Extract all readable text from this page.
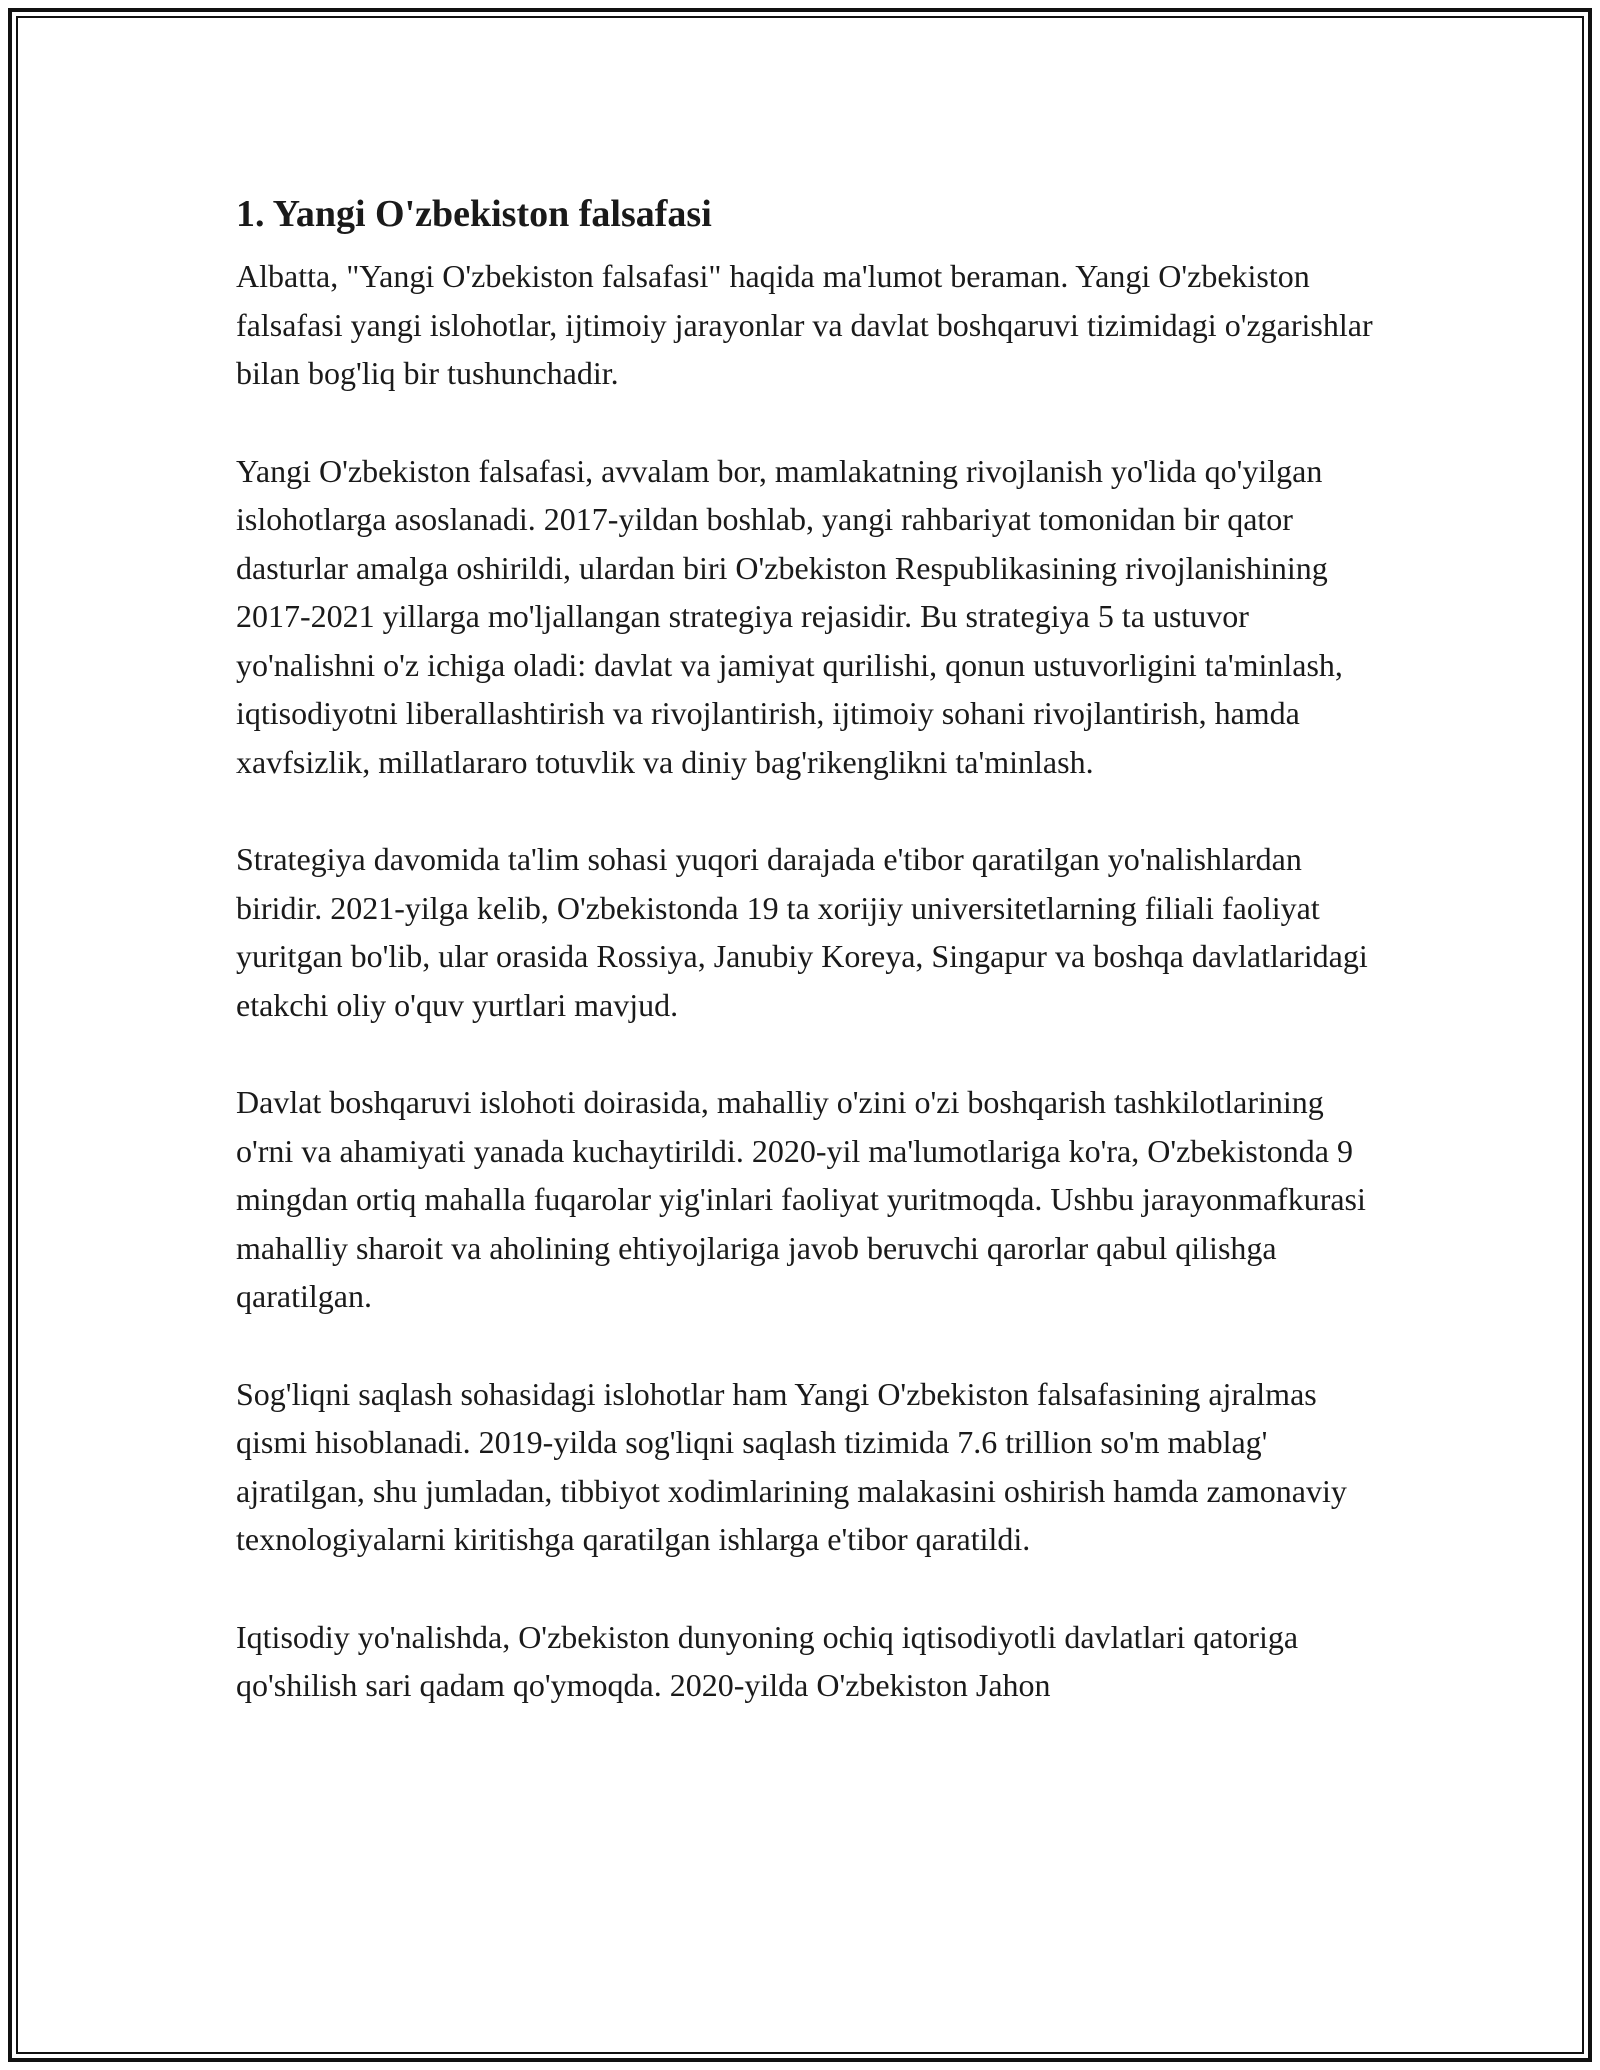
1. Yangi O'zbekiston falsafasi

Albatta, "Yangi O'zbekiston falsafasi" haqida ma'lumot beraman. Yangi O'zbekiston falsafasi yangi islohotlar, ijtimoiy jarayonlar va davlat boshqaruvi tizimidagi o'zgarishlar bilan bog'liq bir tushunchadir.

Yangi O'zbekiston falsafasi, avvalam bor, mamlakatning rivojlanish yo'lida qo'yilgan islohotlarga asoslanadi. 2017-yildan boshlab, yangi rahbariyat tomonidan bir qator dasturlar amalga oshirildi, ulardan biri O'zbekiston Respublikasining rivojlanishining 2017-2021 yillarga mo'ljallangan strategiya rejasidir. Bu strategiya 5 ta ustuvor yo'nalishni o'z ichiga oladi: davlat va jamiyat qurilishi, qonun ustuvorligini ta'minlash, iqtisodiyotni liberallashtirish va rivojlantirish, ijtimoiy sohani rivojlantirish, hamda xavfsizlik, millatlararo totuvlik va diniy bag'rikenglikni ta'minlash.

Strategiya davomida ta'lim sohasi yuqori darajada e'tibor qaratilgan yo'nalishlardan biridir. 2021-yilga kelib, O'zbekistonda 19 ta xorijiy universitetlarning filiali faoliyat yuritgan bo'lib, ular orasida Rossiya, Janubiy Koreya, Singapur va boshqa davlatlaridagi etakchi oliy o'quv yurtlari mavjud.

Davlat boshqaruvi islohoti doirasida, mahalliy o'zini o'zi boshqarish tashkilotlarining o'rni va ahamiyati yanada kuchaytirildi. 2020-yil ma'lumotlariga ko'ra, O'zbekistonda 9 mingdan ortiq mahalla fuqarolar yig'inlari faoliyat yuritmoqda. Ushbu jarayonmafkurasi mahalliy sharoit va aholining ehtiyojlariga javob beruvchi qarorlar qabul qilishga qaratilgan.

Sog'liqni saqlash sohasidagi islohotlar ham Yangi O'zbekiston falsafasining ajralmas qismi hisoblanadi. 2019-yilda sog'liqni saqlash tizimida 7.6 trillion so'm mablag' ajratilgan, shu jumladan, tibbiyot xodimlarining malakasini oshirish hamda zamonaviy texnologiyalarni kiritishga qaratilgan ishlarga e'tibor qaratildi.

Iqtisodiy yo'nalishda, O'zbekiston dunyoning ochiq iqtisodiyotli davlatlari qatoriga qo'shilish sari qadam qo'ymoqda. 2020-yilda O'zbekiston Jahon
